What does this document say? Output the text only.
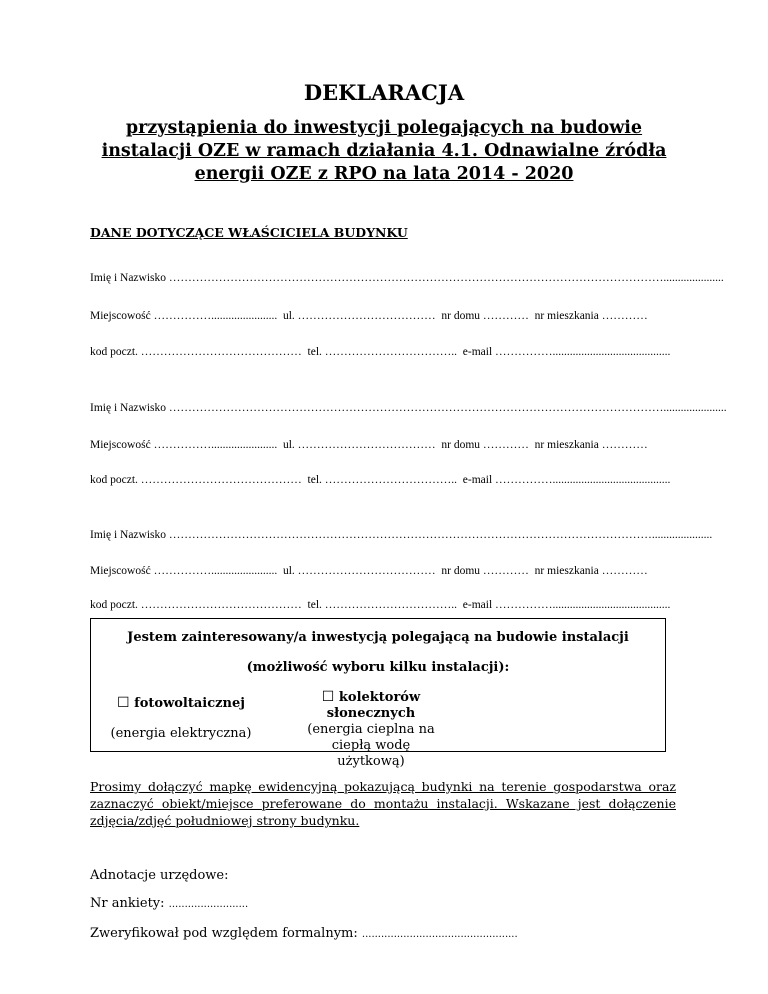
DEKLARACJA
przystąpienia do inwestycji polegających na budowie instalacji OZE w ramach działania 4.1. Odnawialne źródła energii OZE z RPO na lata 2014 - 2020
DANE DOTYCZĄCE WŁAŚCICIELA BUDYNKU
Imię i Nazwisko ………………………………………………………………………………………………………………….....................
Miejscowość ……………....................... ul. ……………………………… nr domu ………… nr mieszkania …………
kod poczt. …………………………………… tel. …………………………….. e-mail …………….........................................
Imię i Nazwisko …………………………………………………………………………………………………………………......................
Miejscowość ……………....................... ul. ……………………………… nr domu ………… nr mieszkania …………
kod poczt. …………………………………… tel. …………………………….. e-mail …………….........................................
Imię i Nazwisko ……………………………………………………………………………………………………………….....................
Miejscowość ……………....................... ul. ……………………………… nr domu ………… nr mieszkania …………
kod poczt. …………………………………… tel. …………………………….. e-mail …………….........................................
Jestem zainteresowany/a inwestycją polegającą na budowie instalacji (możliwość wyboru kilku instalacji):
☐ fotowoltaicznej
(energia elektryczna)
☐ kolektorów słonecznych
(energia cieplna na ciepłą wodę użytkową)
Prosimy dołączyć mapkę ewidencyjną pokazującą budynki na terenie gospodarstwa oraz zaznaczyć obiekt/miejsce preferowane do montażu instalacji. Wskazane jest dołączenie zdjęcia/zdjęć południowej strony budynku.
Adnotacje urzędowe:
Nr ankiety: .........................
Zweryfikował pod względem formalnym: .................................................
